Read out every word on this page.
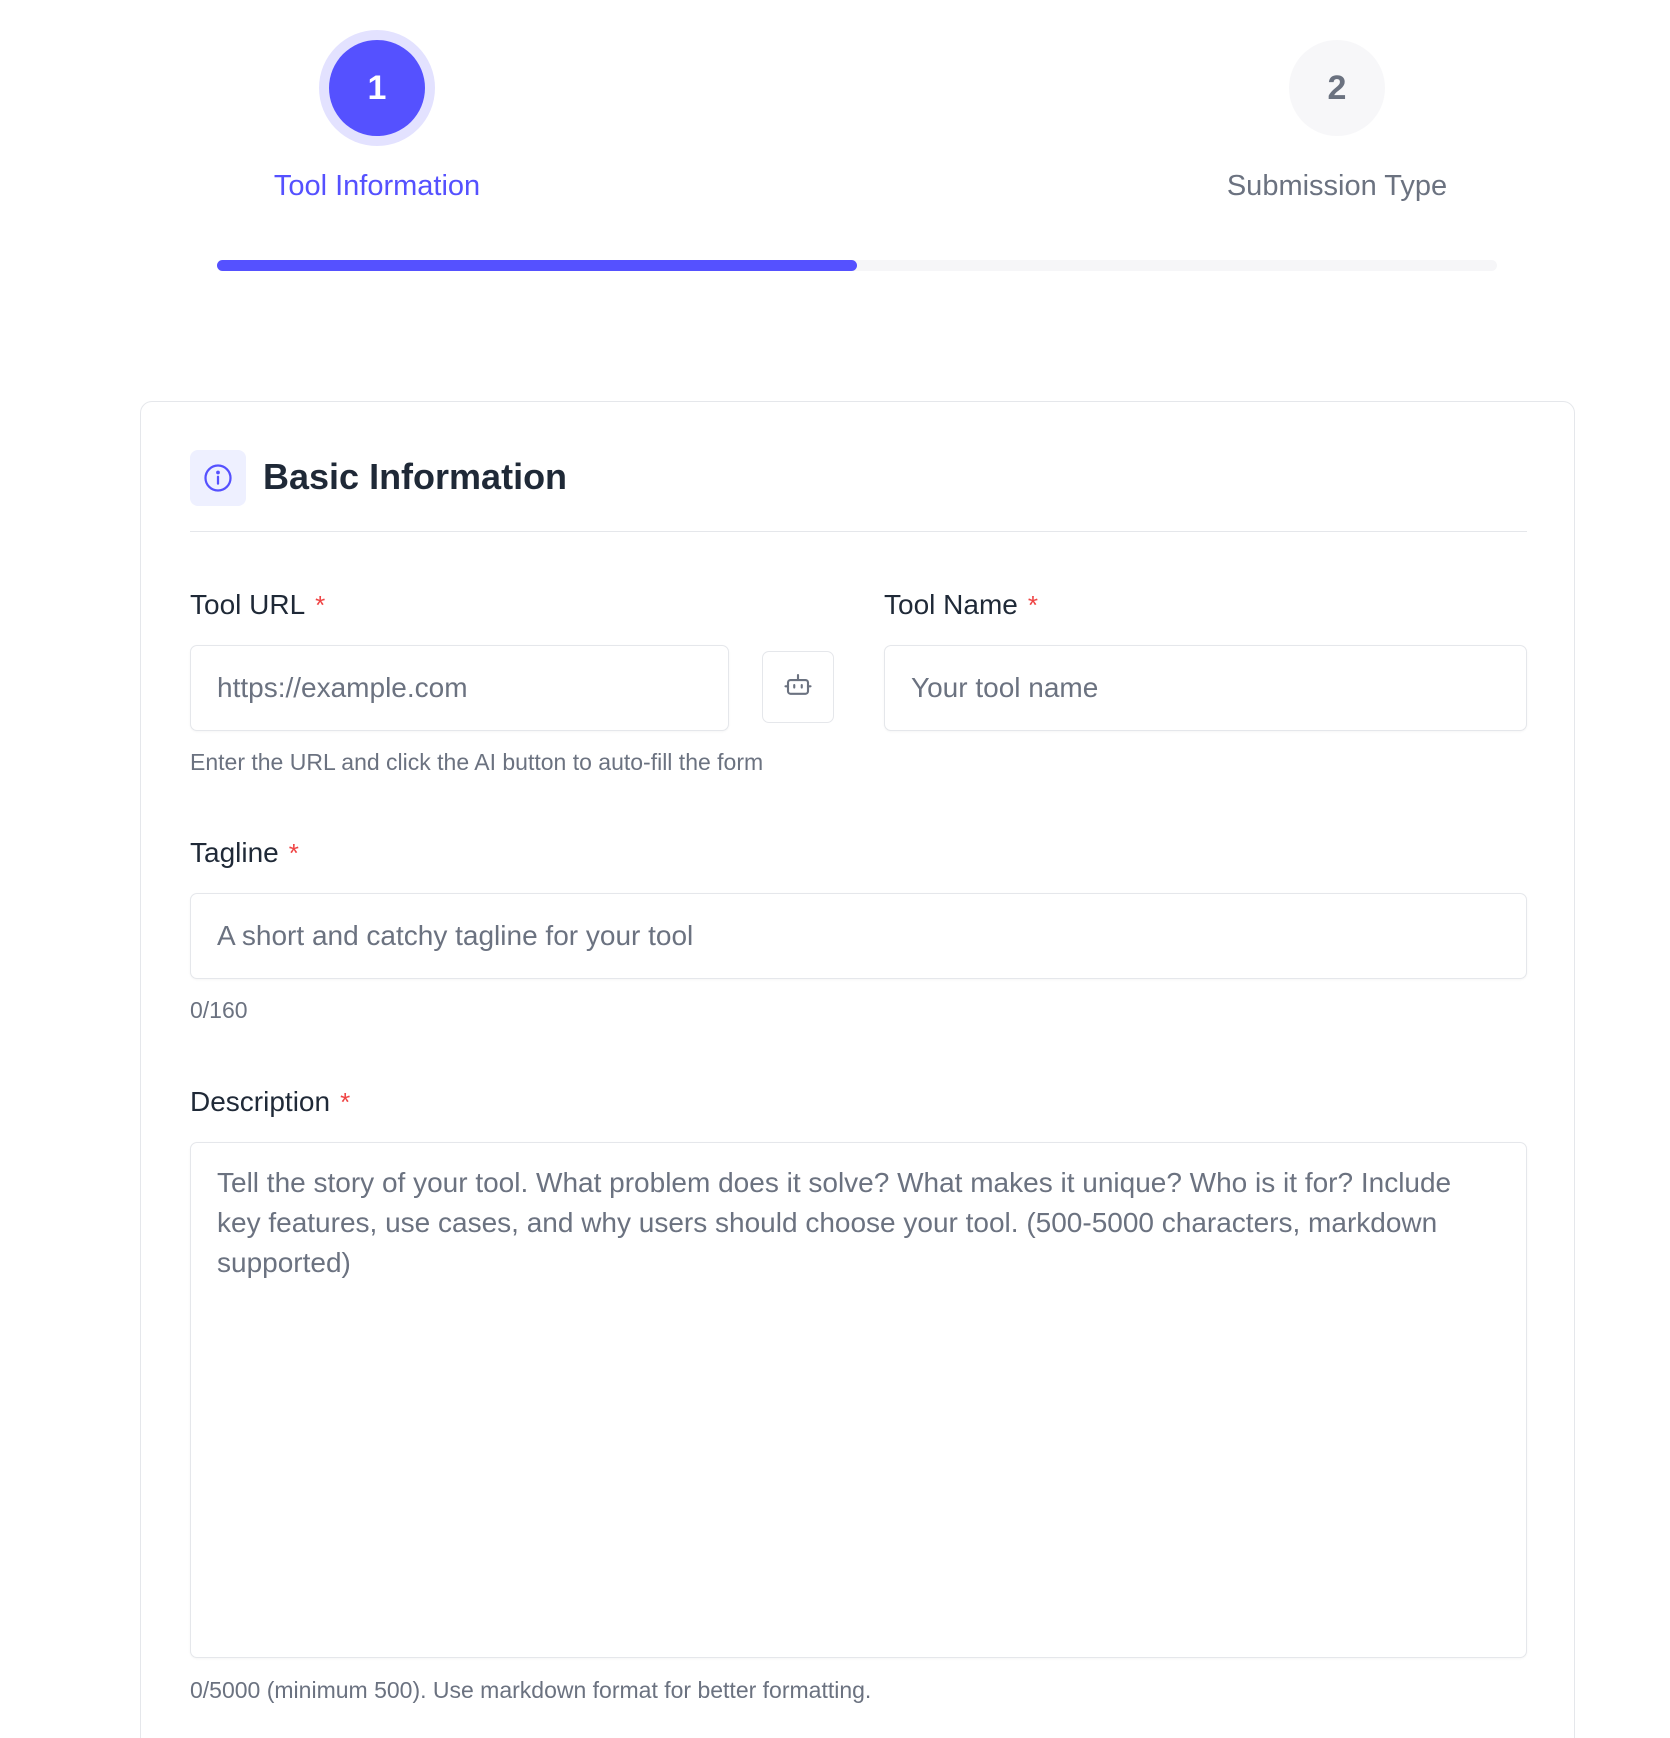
1
Tool Information
2
Submission Type
Basic Information
Tool URL *
https://example.com
Enter the URL and click the AI button to auto-fill the form
Tool Name *
Your tool name
Tagline *
A short and catchy tagline for your tool
0/160
Description *
Tell the story of your tool. What problem does it solve? What makes it unique? Who is it for? Include key features, use cases, and why users should choose your tool. (500-5000 characters, markdown supported)
0/5000 (minimum 500). Use markdown format for better formatting.
